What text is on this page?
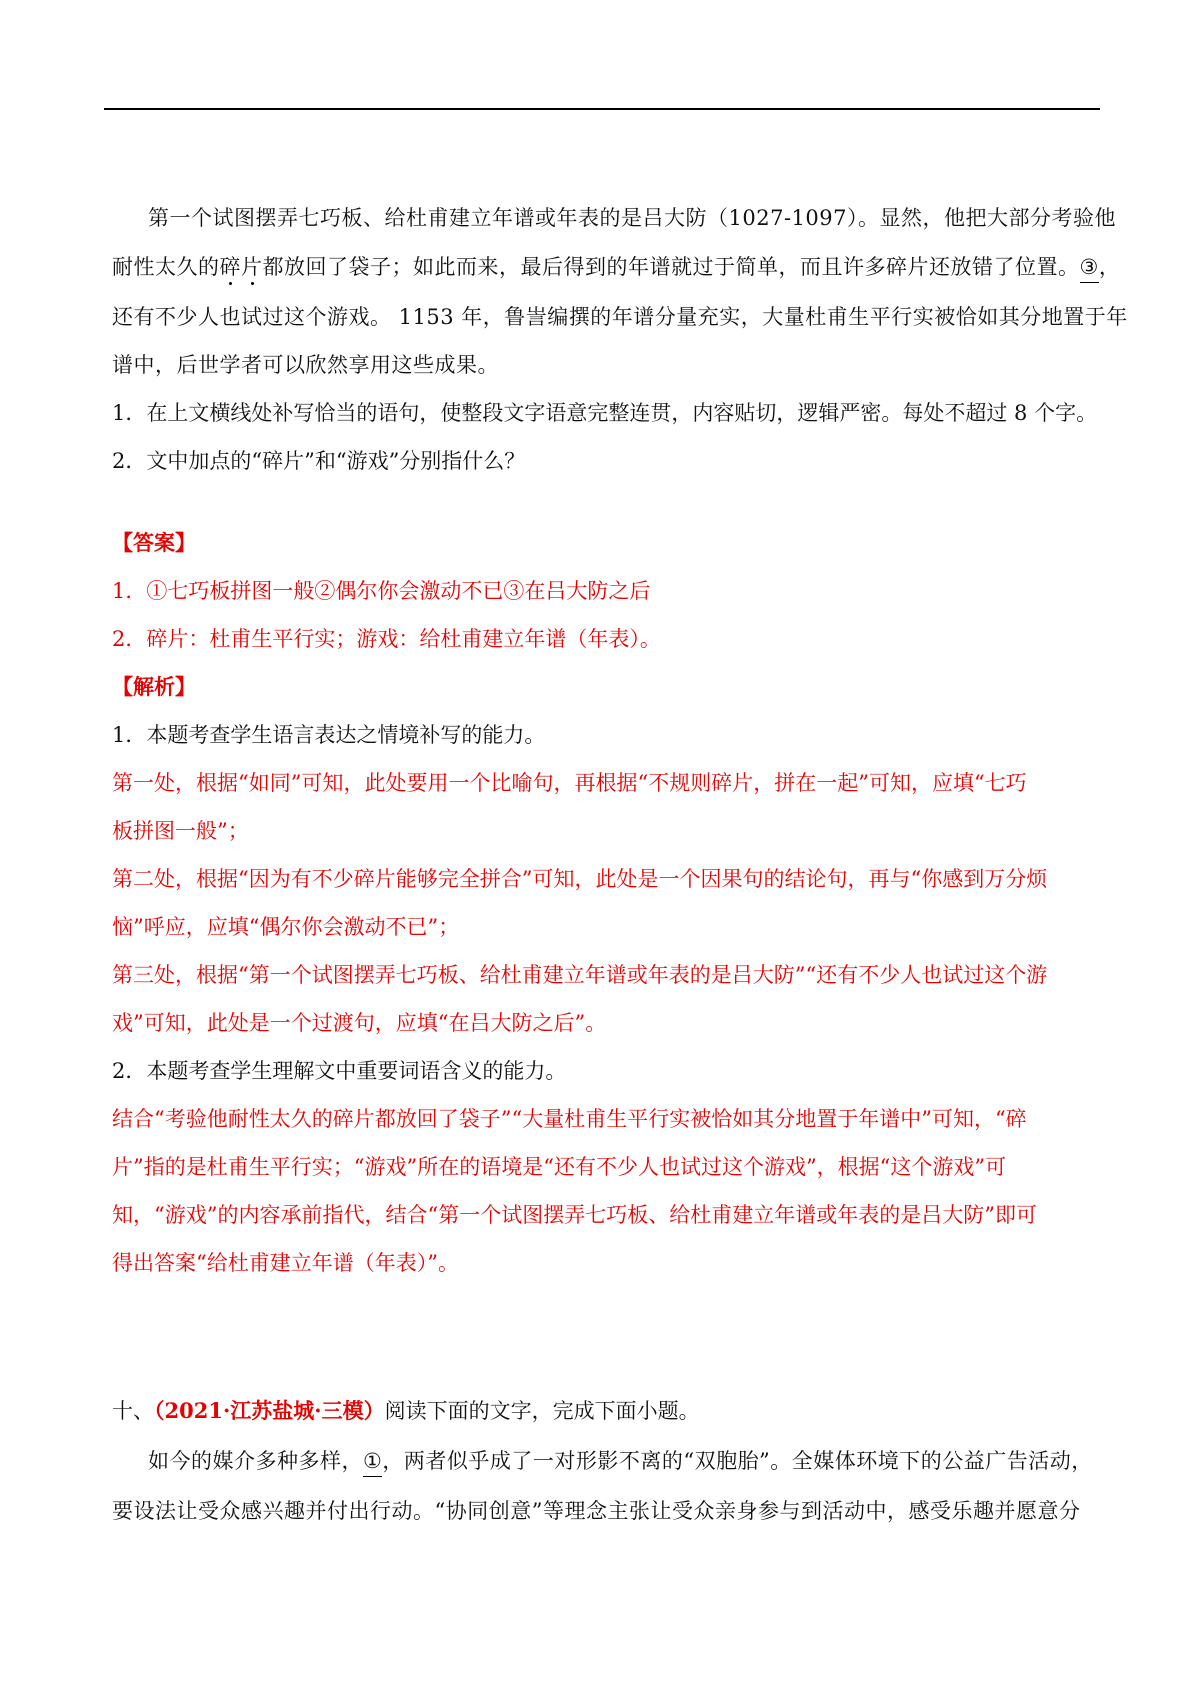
第一个试图摆弄七巧板、给杜甫建立年谱或年表的是吕大防（1027-1097）。显然，他把大部分考验他
耐性太久的碎片都放回了袋子；如此而来，最后得到的年谱就过于简单，而且许多碎片还放错了位置。③，
还有不少人也试过这个游戏。 1153 年，鲁訔编撰的年谱分量充实，大量杜甫生平行实被恰如其分地置于年
谱中，后世学者可以欣然享用这些成果。
1．在上文横线处补写恰当的语句，使整段文字语意完整连贯，内容贴切，逻辑严密。每处不超过 8 个字。
2．文中加点的“碎片”和“游戏”分别指什么？
【答案】
1．①七巧板拼图一般②偶尔你会激动不已③在吕大防之后
2．碎片：杜甫生平行实；游戏：给杜甫建立年谱（年表）。
【解析】
1．本题考查学生语言表达之情境补写的能力。
第一处，根据“如同”可知，此处要用一个比喻句，再根据“不规则碎片，拼在一起”可知，应填“七巧
板拼图一般”；
第二处，根据“因为有不少碎片能够完全拼合”可知，此处是一个因果句的结论句，再与“你感到万分烦
恼”呼应，应填“偶尔你会激动不已”；
第三处，根据“第一个试图摆弄七巧板、给杜甫建立年谱或年表的是吕大防”“还有不少人也试过这个游
戏”可知，此处是一个过渡句，应填“在吕大防之后”。
2．本题考查学生理解文中重要词语含义的能力。
结合“考验他耐性太久的碎片都放回了袋子”“大量杜甫生平行实被恰如其分地置于年谱中”可知，“碎
片”指的是杜甫生平行实；“游戏”所在的语境是“还有不少人也试过这个游戏”，根据“这个游戏”可
知，“游戏”的内容承前指代，结合“第一个试图摆弄七巧板、给杜甫建立年谱或年表的是吕大防”即可
得出答案“给杜甫建立年谱（年表）”。
十、（2021·江苏盐城·三模）阅读下面的文字，完成下面小题。
如今的媒介多种多样，①，两者似乎成了一对形影不离的“双胞胎”。全媒体环境下的公益广告活动，
要设法让受众感兴趣并付出行动。“协同创意”等理念主张让受众亲身参与到活动中，感受乐趣并愿意分
